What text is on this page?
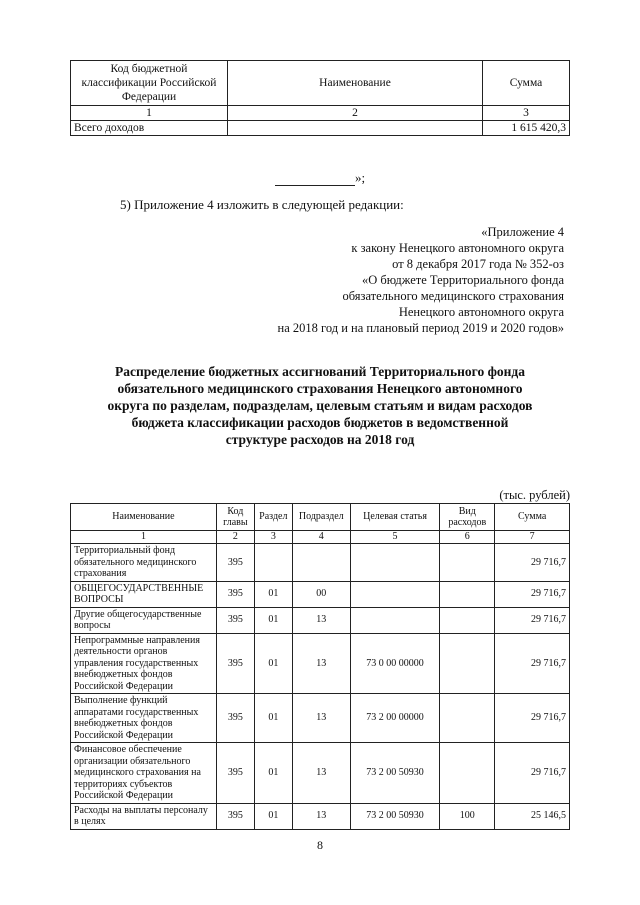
Код бюджетной классификации Российской Федерации	Наименование	Сумма
1	2	3
Всего доходов		1 615 420,3
»;
5) Приложение 4 изложить в следующей редакции:
«Приложение 4
к закону Ненецкого автономного округа
от 8 декабря 2017 года № 352-оз
«О бюджете Территориального фонда
обязательного медицинского страхования
Ненецкого автономного округа
на 2018 год и на плановый период 2019 и 2020 годов»
Распределение бюджетных ассигнований Территориального фонда
обязательного медицинского страхования Ненецкого автономного
округа по разделам, подразделам, целевым статьям и видам расходов
бюджета классификации расходов бюджетов в ведомственной
структуре расходов на 2018 год
(тыс. рублей)
Наименование	Код главы	Раздел	Подраздел	Целевая статья	Вид расходов	Сумма
1	2	3	4	5	6	7
Территориальный фонд обязательного медицинского страхования	395					29 716,7
ОБЩЕГОСУДАРСТВЕННЫЕ ВОПРОСЫ	395	01	00			29 716,7
Другие общегосударственные вопросы	395	01	13			29 716,7
Непрограммные направления деятельности органов управления государственных внебюджетных фондов Российской Федерации	395	01	13	73 0 00 00000		29 716,7
Выполнение функций аппаратами государственных внебюджетных фондов Российской Федерации	395	01	13	73 2 00 00000		29 716,7
Финансовое обеспечение организации обязательного медицинского страхования на территориях субъектов Российской Федерации	395	01	13	73 2 00 50930		29 716,7
Расходы на выплаты персоналу в целях	395	01	13	73 2 00 50930	100	25 146,5
8
